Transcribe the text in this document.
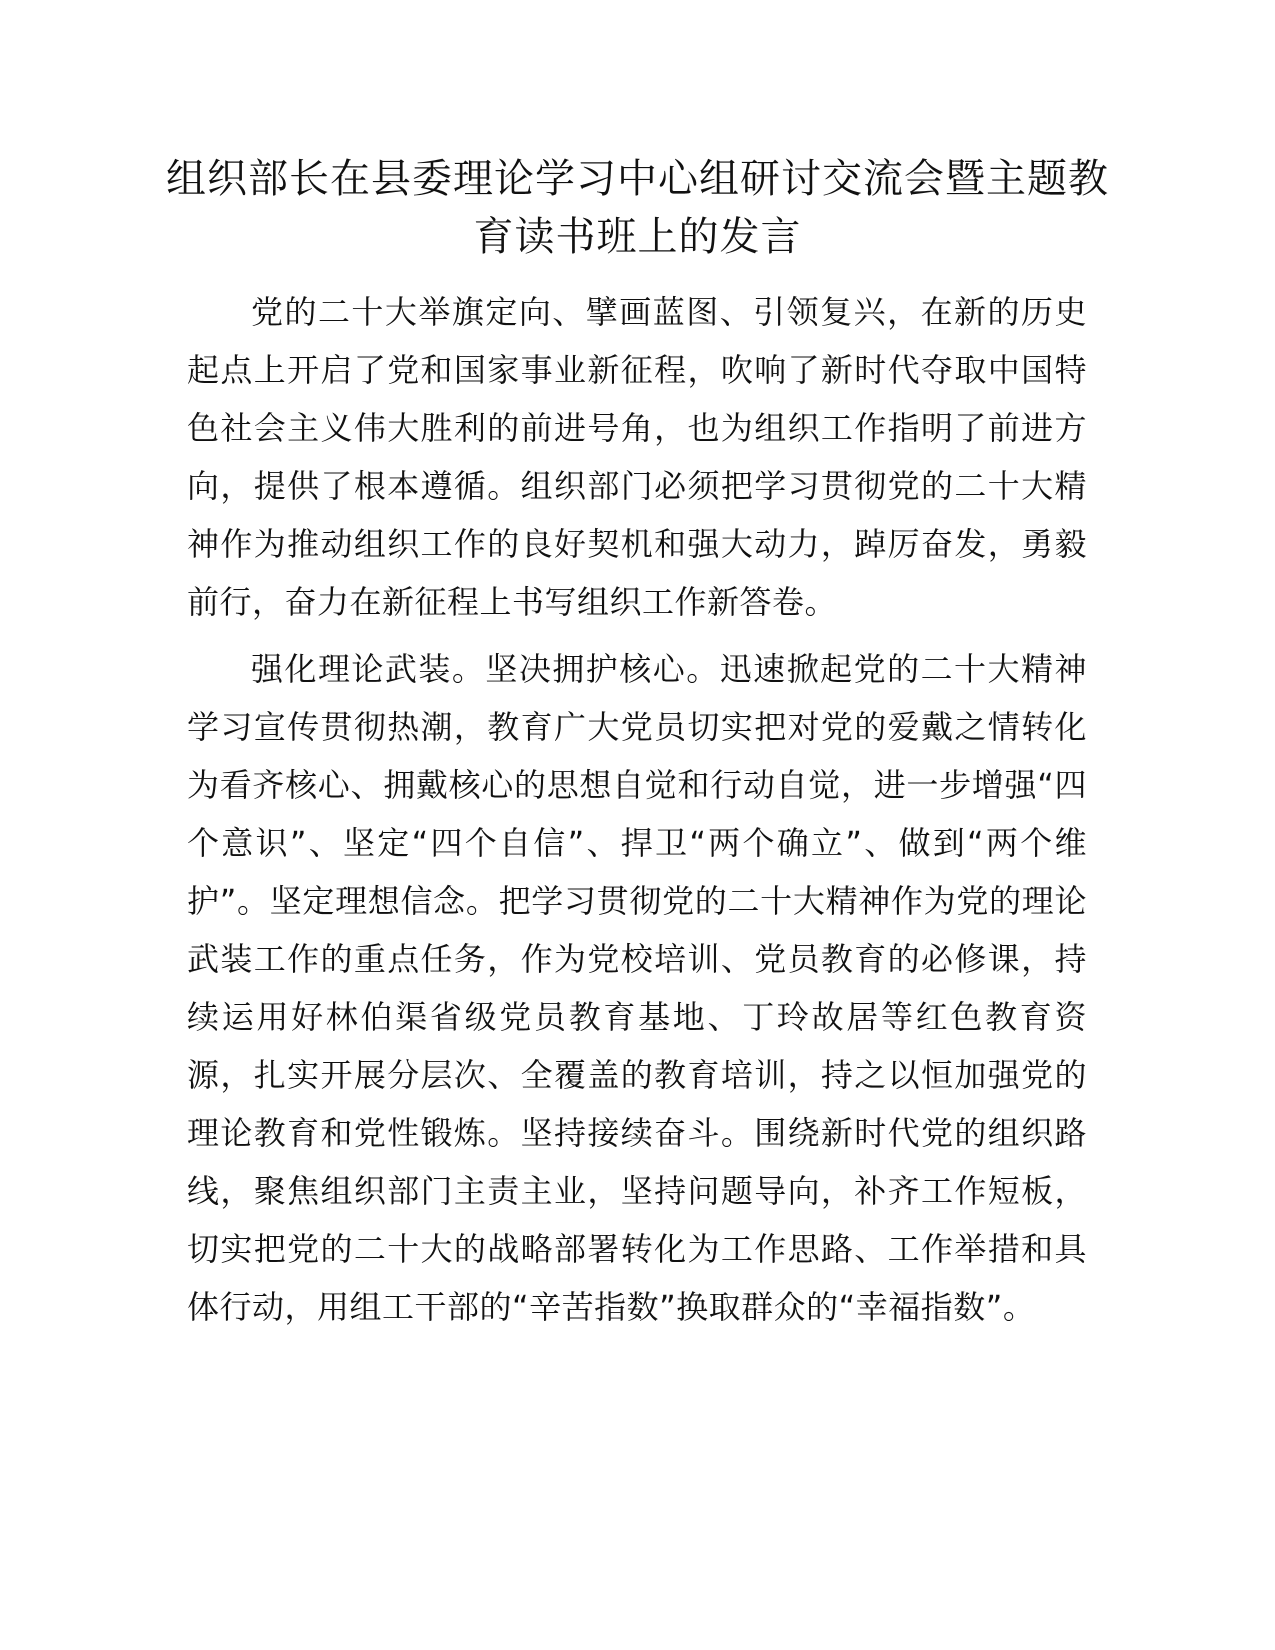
组织部长在县委理论学习中心组研讨交流会暨主题教育读书班上的发言

党的二十大举旗定向、擘画蓝图、引领复兴，在新的历史起点上开启了党和国家事业新征程，吹响了新时代夺取中国特色社会主义伟大胜利的前进号角，也为组织工作指明了前进方向，提供了根本遵循。组织部门必须把学习贯彻党的二十大精神作为推动组织工作的良好契机和强大动力，踔厉奋发，勇毅前行，奋力在新征程上书写组织工作新答卷。

强化理论武装。坚决拥护核心。迅速掀起党的二十大精神学习宣传贯彻热潮，教育广大党员切实把对党的爱戴之情转化为看齐核心、拥戴核心的思想自觉和行动自觉，进一步增强“四个意识”、坚定“四个自信”、捍卫“两个确立”、做到“两个维护”。坚定理想信念。把学习贯彻党的二十大精神作为党的理论武装工作的重点任务，作为党校培训、党员教育的必修课，持续运用好林伯渠省级党员教育基地、丁玲故居等红色教育资源，扎实开展分层次、全覆盖的教育培训，持之以恒加强党的理论教育和党性锻炼。坚持接续奋斗。围绕新时代党的组织路线，聚焦组织部门主责主业，坚持问题导向，补齐工作短板，切实把党的二十大的战略部署转化为工作思路、工作举措和具体行动，用组工干部的“辛苦指数”换取群众的“幸福指数”。
